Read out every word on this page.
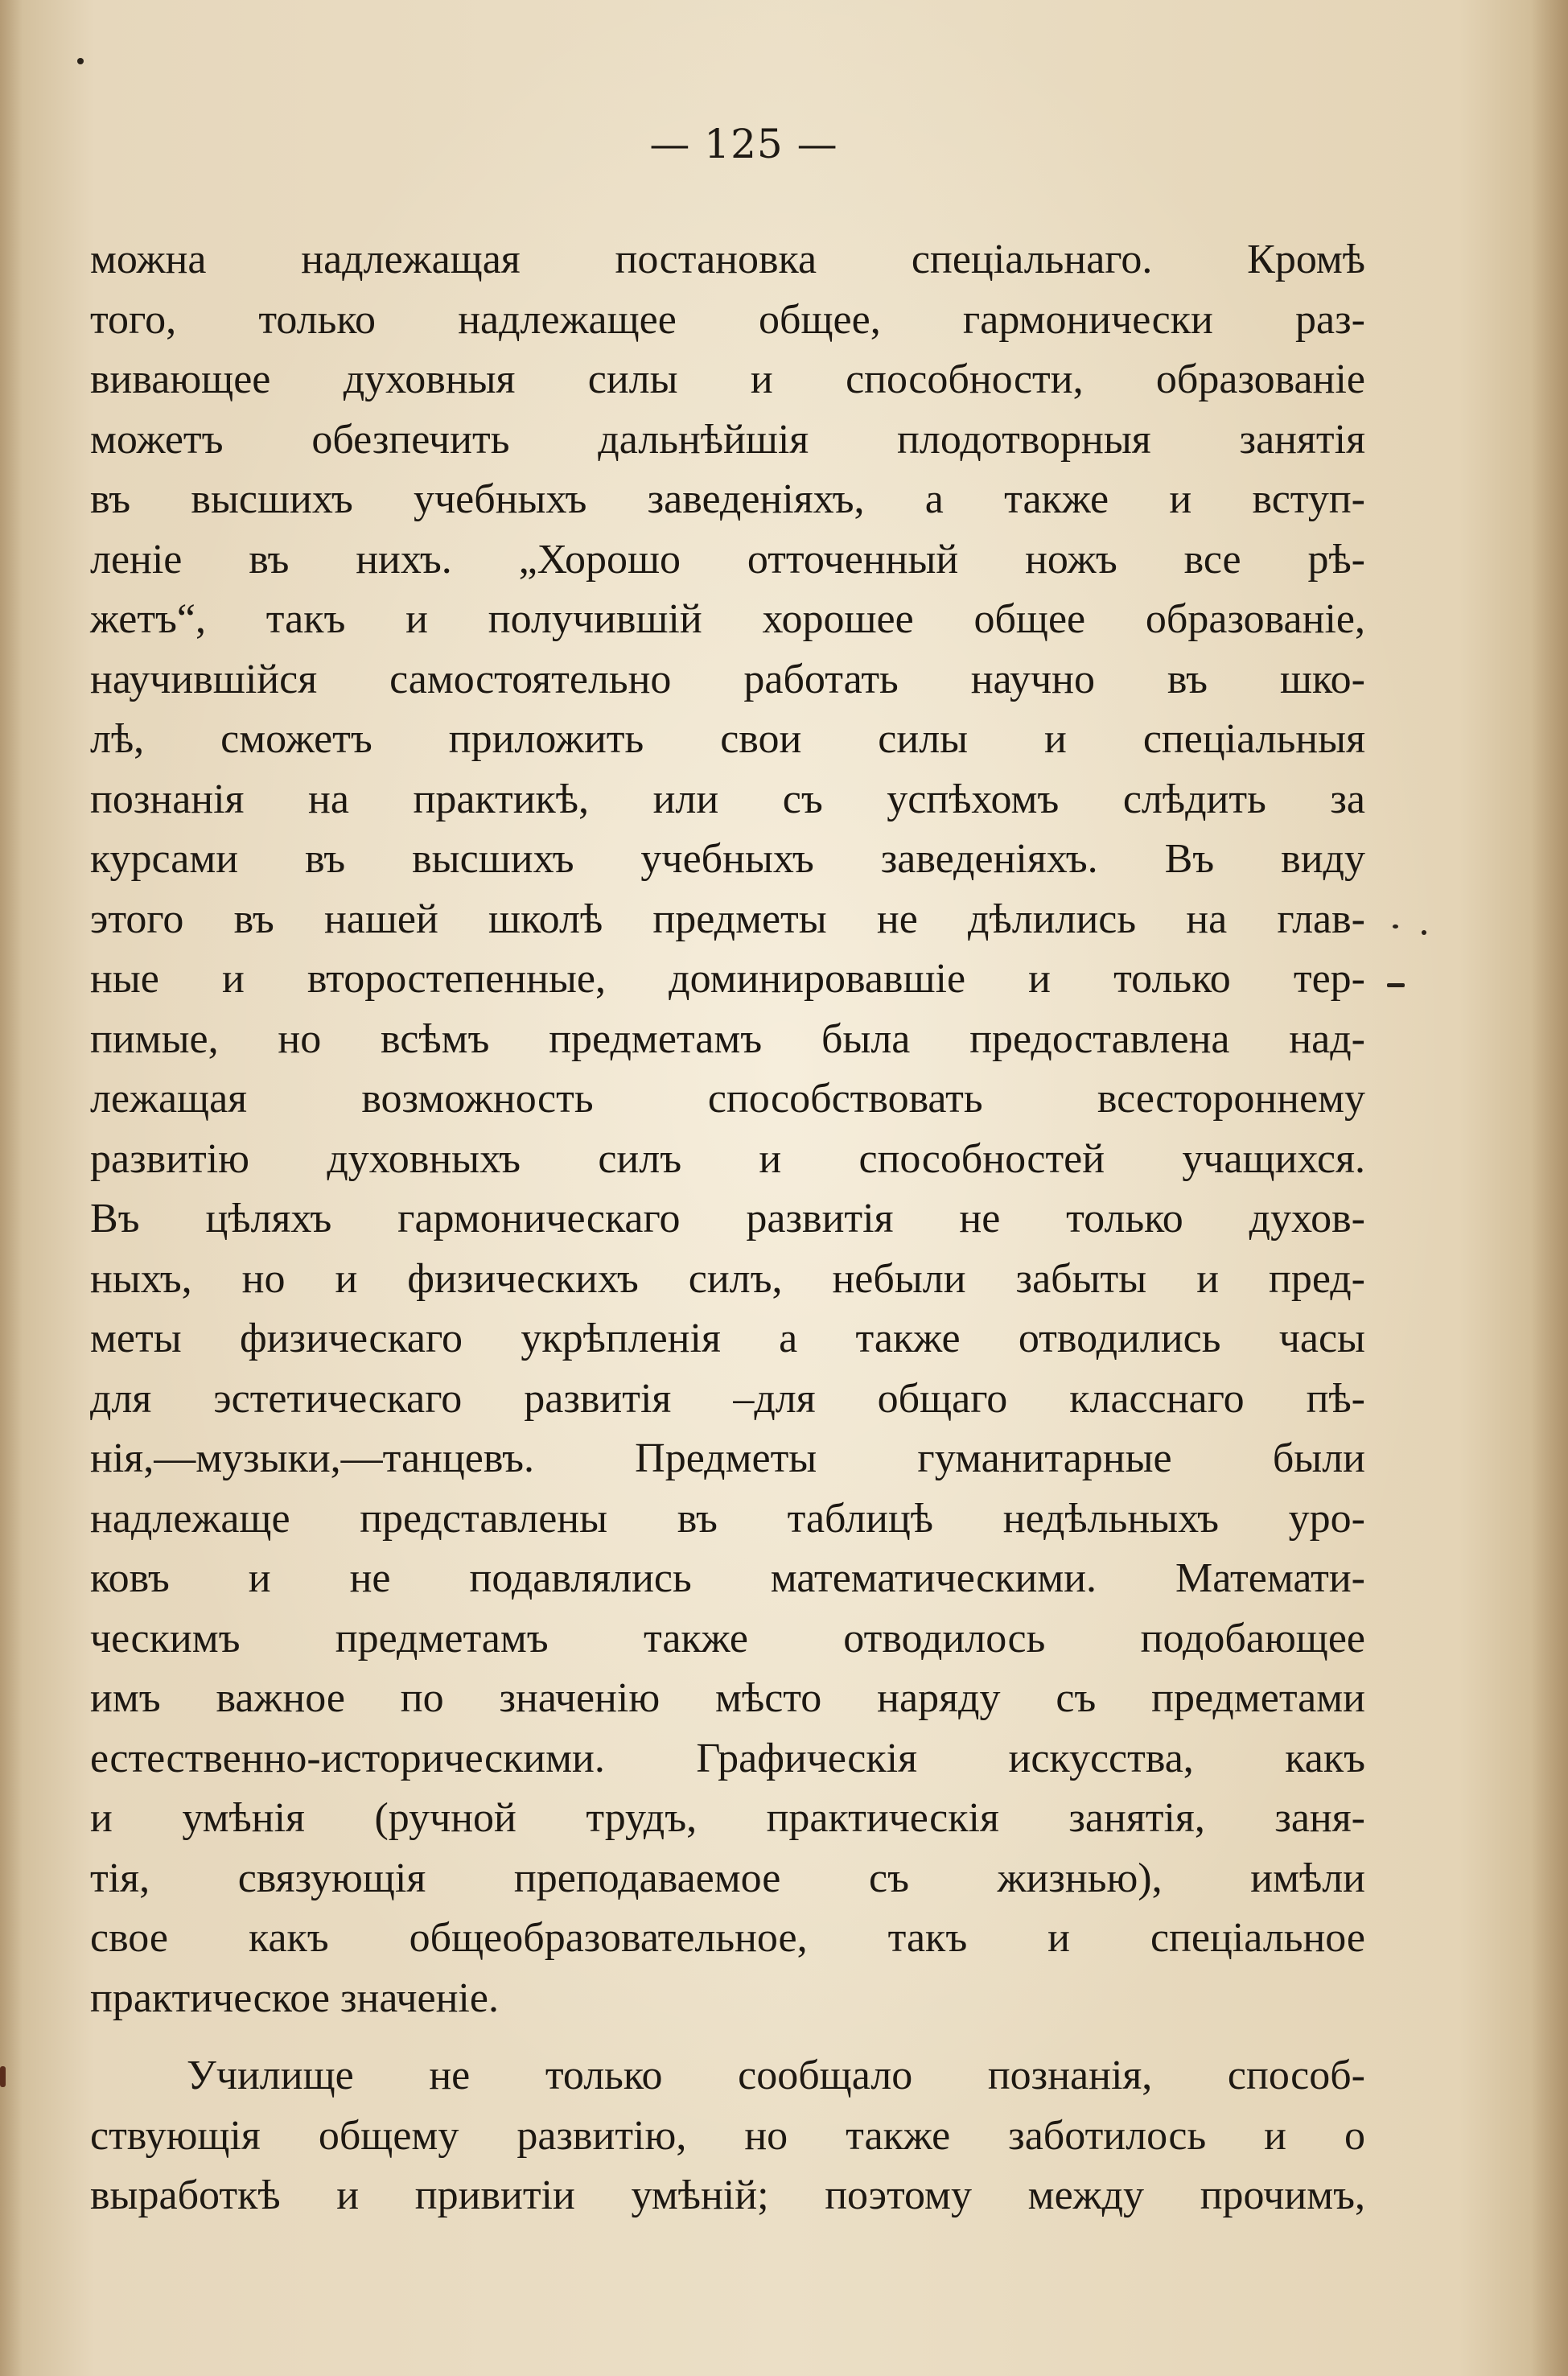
— 125 —
можна надлежащая постановка спеціальнаго. Кромѣ
того, только надлежащее общее, гармонически раз-
вивающее духовныя силы и способности, образованіе
можетъ обезпечить дальнѣйшія плодотворныя занятія
въ высшихъ учебныхъ заведеніяхъ, а также и вступ-
леніе въ нихъ. „Хорошо отточенный ножъ все рѣ-
жетъ“, такъ и получившій хорошее общее образованіе,
научившійся самостоятельно работать научно въ шко-
лѣ, сможетъ приложить свои силы и спеціальныя
познанія на практикѣ, или съ успѣхомъ слѣдить за
курсами въ высшихъ учебныхъ заведеніяхъ. Въ виду
этого въ нашей школѣ предметы не дѣлились на глав-
ные и второстепенные, доминировавшіе и только тер-
пимые, но всѣмъ предметамъ была предоставлена над-
лежащая возможность способствовать всестороннему
развитію духовныхъ силъ и способностей учащихся.
Въ цѣляхъ гармоническаго развитія не только духов-
ныхъ, но и физическихъ силъ, небыли забыты и пред-
меты физическаго укрѣпленія а также отводились часы
для эстетическаго развитія –для общаго класснаго пѣ-
нія,—музыки,—танцевъ. Предметы гуманитарные были
надлежаще представлены въ таблицѣ недѣльныхъ уро-
ковъ и не подавлялись математическими. Математи-
ческимъ предметамъ также отводилось подобающее
имъ важное по значенію мѣсто наряду съ предметами
естественно-историческими. Графическія искусства, какъ
и умѣнія (ручной трудъ, практическія занятія, заня-
тія, связующія преподаваемое съ жизнью), имѣли
свое какъ общеобразовательное, такъ и спеціальное
практическое значеніе.
Училище не только сообщало познанія, способ-
ствующія общему развитію, но также заботилось и о
выработкѣ и привитіи умѣній; поэтому между прочимъ,
